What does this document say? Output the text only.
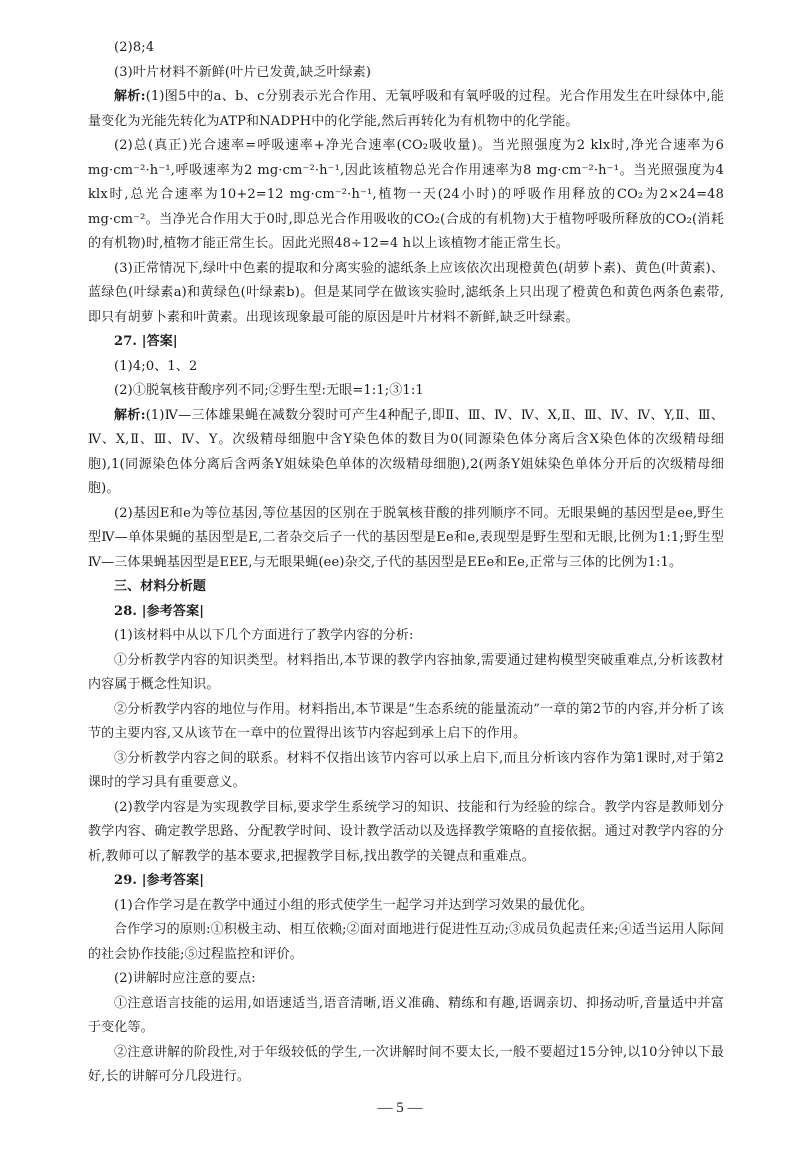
(2)8;4

(3)叶片材料不新鲜(叶片已发黄,缺乏叶绿素)

解析:(1)图5中的a、b、c分别表示光合作用、无氧呼吸和有氧呼吸的过程。光合作用发生在叶绿体中,能量变化为光能先转化为ATP和NADPH中的化学能,然后再转化为有机物中的化学能。

(2)总(真正)光合速率=呼吸速率+净光合速率(CO₂吸收量)。当光照强度为2 klx时,净光合速率为6 mg·cm⁻²·h⁻¹,呼吸速率为2 mg·cm⁻²·h⁻¹,因此该植物总光合作用速率为8 mg·cm⁻²·h⁻¹。当光照强度为4 klx时,总光合速率为10+2=12 mg·cm⁻²·h⁻¹,植物一天(24小时)的呼吸作用释放的CO₂为2×24=48 mg·cm⁻²。当净光合作用大于0时,即总光合作用吸收的CO₂(合成的有机物)大于植物呼吸所释放的CO₂(消耗的有机物)时,植物才能正常生长。因此光照48÷12=4 h以上该植物才能正常生长。

(3)正常情况下,绿叶中色素的提取和分离实验的滤纸条上应该依次出现橙黄色(胡萝卜素)、黄色(叶黄素)、蓝绿色(叶绿素a)和黄绿色(叶绿素b)。但是某同学在做该实验时,滤纸条上只出现了橙黄色和黄色两条色素带,即只有胡萝卜素和叶黄素。出现该现象最可能的原因是叶片材料不新鲜,缺乏叶绿素。

27. |答案|

(1)4;0、1、2

(2)①脱氧核苷酸序列不同;②野生型:无眼=1:1;③1:1

解析:(1)Ⅳ—三体雄果蝇在减数分裂时可产生4种配子,即Ⅱ、Ⅲ、Ⅳ、Ⅳ、X,Ⅱ、Ⅲ、Ⅳ、Ⅳ、Y,Ⅱ、Ⅲ、Ⅳ、X,Ⅱ、Ⅲ、Ⅳ、Y。次级精母细胞中含Y染色体的数目为0(同源染色体分离后含X染色体的次级精母细胞),1(同源染色体分离后含两条Y姐妹染色单体的次级精母细胞),2(两条Y姐妹染色单体分开后的次级精母细胞)。

(2)基因E和e为等位基因,等位基因的区别在于脱氧核苷酸的排列顺序不同。无眼果蝇的基因型是ee,野生型Ⅳ—单体果蝇的基因型是E,二者杂交后子一代的基因型是Ee和e,表现型是野生型和无眼,比例为1:1;野生型Ⅳ—三体果蝇基因型是EEE,与无眼果蝇(ee)杂交,子代的基因型是EEe和Ee,正常与三体的比例为1:1。

三、材料分析题

28. |参考答案|

(1)该材料中从以下几个方面进行了教学内容的分析:

①分析教学内容的知识类型。材料指出,本节课的教学内容抽象,需要通过建构模型突破重难点,分析该教材内容属于概念性知识。

②分析教学内容的地位与作用。材料指出,本节课是“生态系统的能量流动”一章的第2节的内容,并分析了该节的主要内容,又从该节在一章中的位置得出该节内容起到承上启下的作用。

③分析教学内容之间的联系。材料不仅指出该节内容可以承上启下,而且分析该内容作为第1课时,对于第2课时的学习具有重要意义。

(2)教学内容是为实现教学目标,要求学生系统学习的知识、技能和行为经验的综合。教学内容是教师划分教学内容、确定教学思路、分配教学时间、设计教学活动以及选择教学策略的直接依据。通过对教学内容的分析,教师可以了解教学的基本要求,把握教学目标,找出教学的关键点和重难点。

29. |参考答案|

(1)合作学习是在教学中通过小组的形式使学生一起学习并达到学习效果的最优化。

合作学习的原则:①积极主动、相互依赖;②面对面地进行促进性互动;③成员负起责任来;④适当运用人际间的社会协作技能;⑤过程监控和评价。

(2)讲解时应注意的要点:

①注意语言技能的运用,如语速适当,语音清晰,语义准确、精练和有趣,语调亲切、抑扬动听,音量适中并富于变化等。

②注意讲解的阶段性,对于年级较低的学生,一次讲解时间不要太长,一般不要超过15分钟,以10分钟以下最好,长的讲解可分几段进行。

— 5 —
